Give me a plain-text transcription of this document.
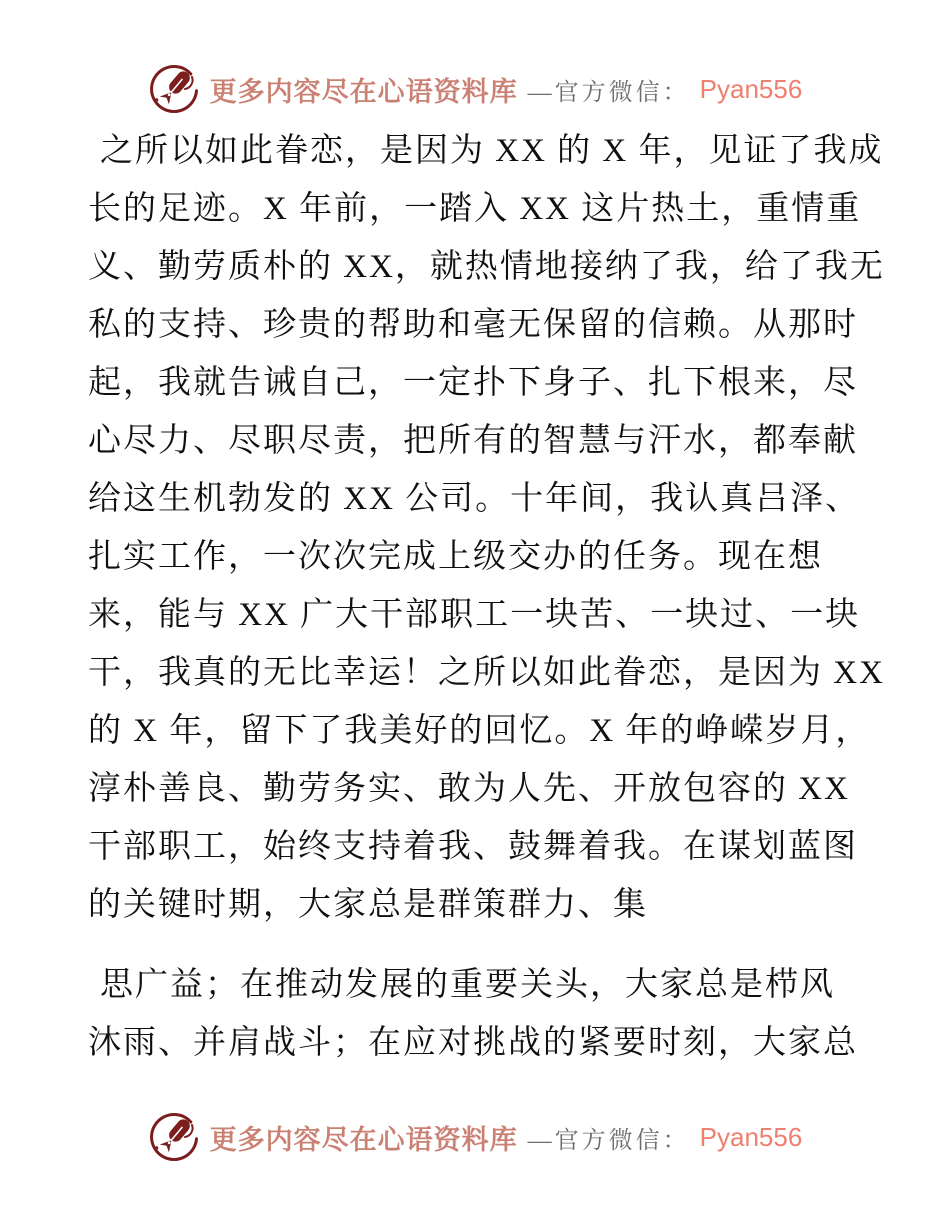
更多内容尽在心语资料库 —官方微信： Pyan556
之所以如此眷恋，是因为 XX 的 X 年，见证了我成
长的足迹。X 年前，一踏入 XX 这片热土，重情重
义、勤劳质朴的 XX，就热情地接纳了我，给了我无
私的支持、珍贵的帮助和毫无保留的信赖。从那时
起，我就告诫自己，一定扑下身子、扎下根来，尽
心尽力、尽职尽责，把所有的智慧与汗水，都奉献
给这生机勃发的 XX 公司。十年间，我认真吕泽、
扎实工作，一次次完成上级交办的任务。现在想
来，能与 XX 广大干部职工一块苦、一块过、一块
干，我真的无比幸运！之所以如此眷恋，是因为 XX
的 X 年，留下了我美好的回忆。X 年的峥嵘岁月，
淳朴善良、勤劳务实、敢为人先、开放包容的 XX
干部职工，始终支持着我、鼓舞着我。在谋划蓝图
的关键时期，大家总是群策群力、集
思广益；在推动发展的重要关头，大家总是栉风
沐雨、并肩战斗；在应对挑战的紧要时刻，大家总
更多内容尽在心语资料库 —官方微信： Pyan556
